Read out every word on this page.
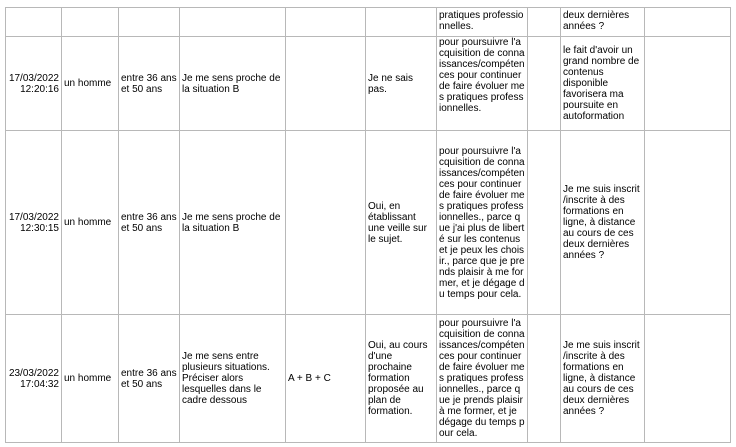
						pratiques professionnelles.		deux dernières années ?	

17/03/2022 12:20:16	un homme	entre 36 ans et 50 ans	Je me sens proche de la situation B		Je ne sais pas.	pour poursuivre l'acquisition de connaissances/compétences pour continuer de faire évoluer mes pratiques professionnelles.		le fait d'avoir un grand nombre de contenus disponible favorisera ma poursuite en autoformation	

17/03/2022 12:30:15	un homme	entre 36 ans et 50 ans	Je me sens proche de la situation B		Oui, en établissant une veille sur le sujet.	pour poursuivre l'acquisition de connaissances/compétences pour continuer de faire évoluer mes pratiques professionnelles., parce que j'ai plus de liberté sur les contenus et je peux les choisir., parce que je prends plaisir à me former, et je dégage du temps pour cela.		Je me suis inscrit /inscrite à des formations en ligne, à distance au cours de ces deux dernières années ?	

23/03/2022 17:04:32	un homme	entre 36 ans et 50 ans	Je me sens entre plusieurs situations. Préciser alors lesquelles dans le cadre dessous	A + B + C	Oui, au cours d'une prochaine formation proposée au plan de formation.	pour poursuivre l'acquisition de connaissances/compétences pour continuer de faire évoluer mes pratiques professionnelles., parce que je prends plaisir à me former, et je dégage du temps pour cela.		Je me suis inscrit /inscrite à des formations en ligne, à distance au cours de ces deux dernières années ?	
